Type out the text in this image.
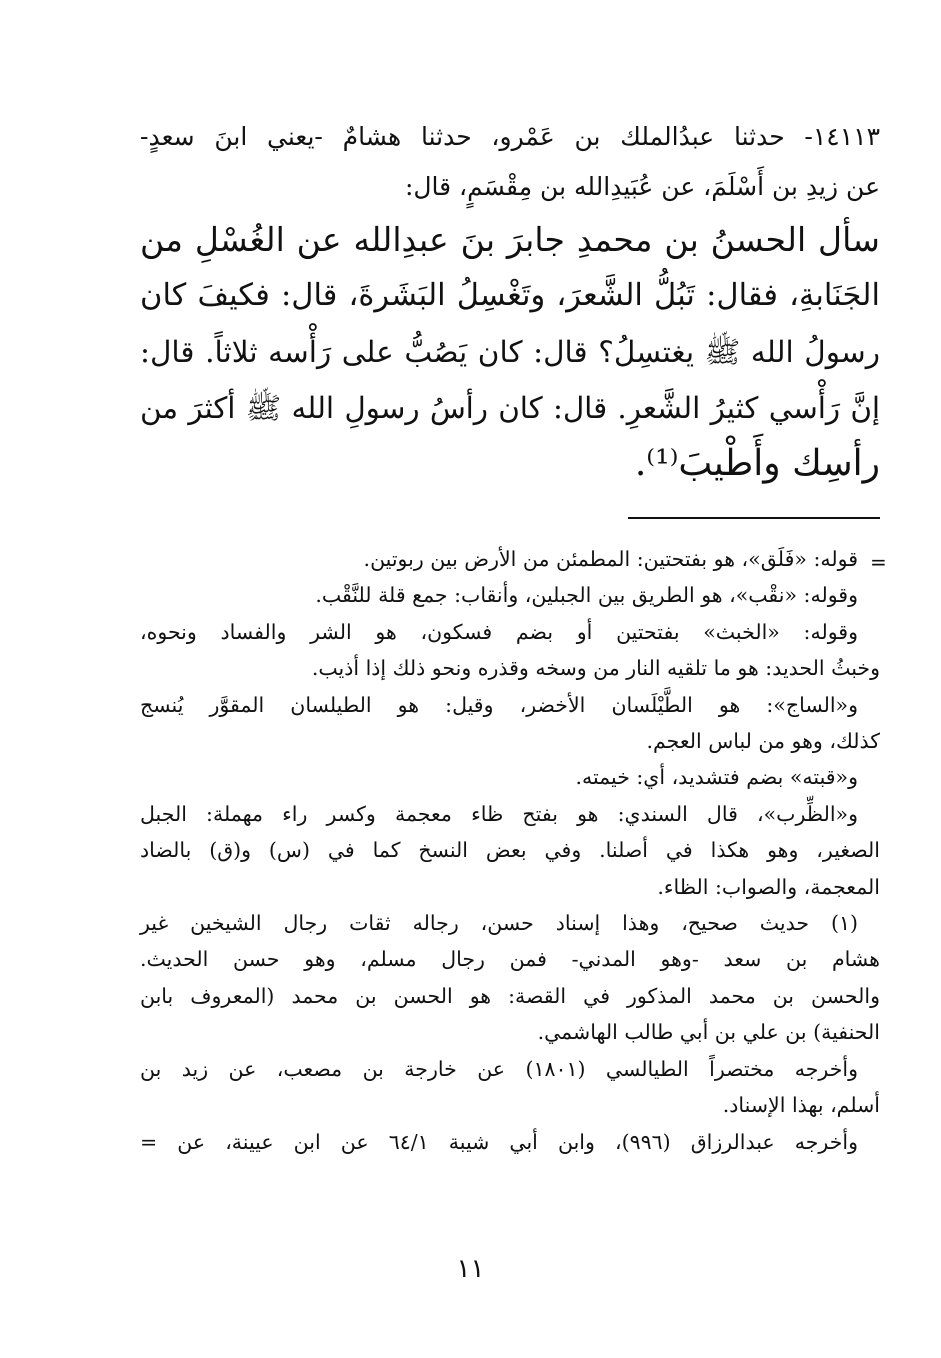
١٤١١٣- حدثنا عبدُالملك بن عَمْرو، حدثنا هشامٌ -يعني ابنَ سعدٍ-
عن زيدِ بن أَسْلَمَ، عن عُبَيدِالله بن مِقْسَمٍ، قال:
سأل الحسنُ بن محمدِ جابرَ بنَ عبدِالله عن الغُسْلِ من
الجَنَابةِ، فقال: تَبُلُّ الشَّعرَ، وتَغْسِلُ البَشَرةَ، قال: فكيفَ كان
رسولُ الله ﷺ يغتسِلُ؟ قال: كان يَصُبُّ على رَأْسه ثلاثاً. قال:
إنَّ رَأْسي كثيرُ الشَّعرِ. قال: كان رأسُ رسولِ الله ﷺ أكثرَ من
رأسِك وأَطْيبَ⁽¹⁾.
=
قوله: «فَلَق»، هو بفتحتين: المطمئن من الأرض بين ربوتين.
وقوله: «نقْب»، هو الطريق بين الجبلين، وأنقاب: جمع قلة للنَّقْب.
وقوله: «الخبث» بفتحتين أو بضم فسكون، هو الشر والفساد ونحوه،
وخبثُ الحديد: هو ما تلقيه النار من وسخه وقذره ونحو ذلك إذا أذيب.
و«الساج»: هو الطَّيْلَسان الأخضر، وقيل: هو الطيلسان المقوَّر يُنسج
كذلك، وهو من لباس العجم.
و«قبته» بضم فتشديد، أي: خيمته.
و«الظِّرب»، قال السندي: هو بفتح ظاء معجمة وكسر راء مهملة: الجبل
الصغير، وهو هكذا في أصلنا. وفي بعض النسخ كما في (س) و(ق) بالضاد
المعجمة، والصواب: الظاء.
(١) حديث صحيح، وهذا إسناد حسن، رجاله ثقات رجال الشيخين غير
هشام بن سعد -وهو المدني- فمن رجال مسلم، وهو حسن الحديث.
والحسن بن محمد المذكور في القصة: هو الحسن بن محمد (المعروف بابن
الحنفية) بن علي بن أبي طالب الهاشمي.
وأخرجه مختصراً الطيالسي (١٨٠١) عن خارجة بن مصعب، عن زيد بن
أسلم، بهذا الإسناد.
وأخرجه عبدالرزاق (٩٩٦)، وابن أبي شيبة ٦٤/١ عن ابن عيينة، عن =
١١
